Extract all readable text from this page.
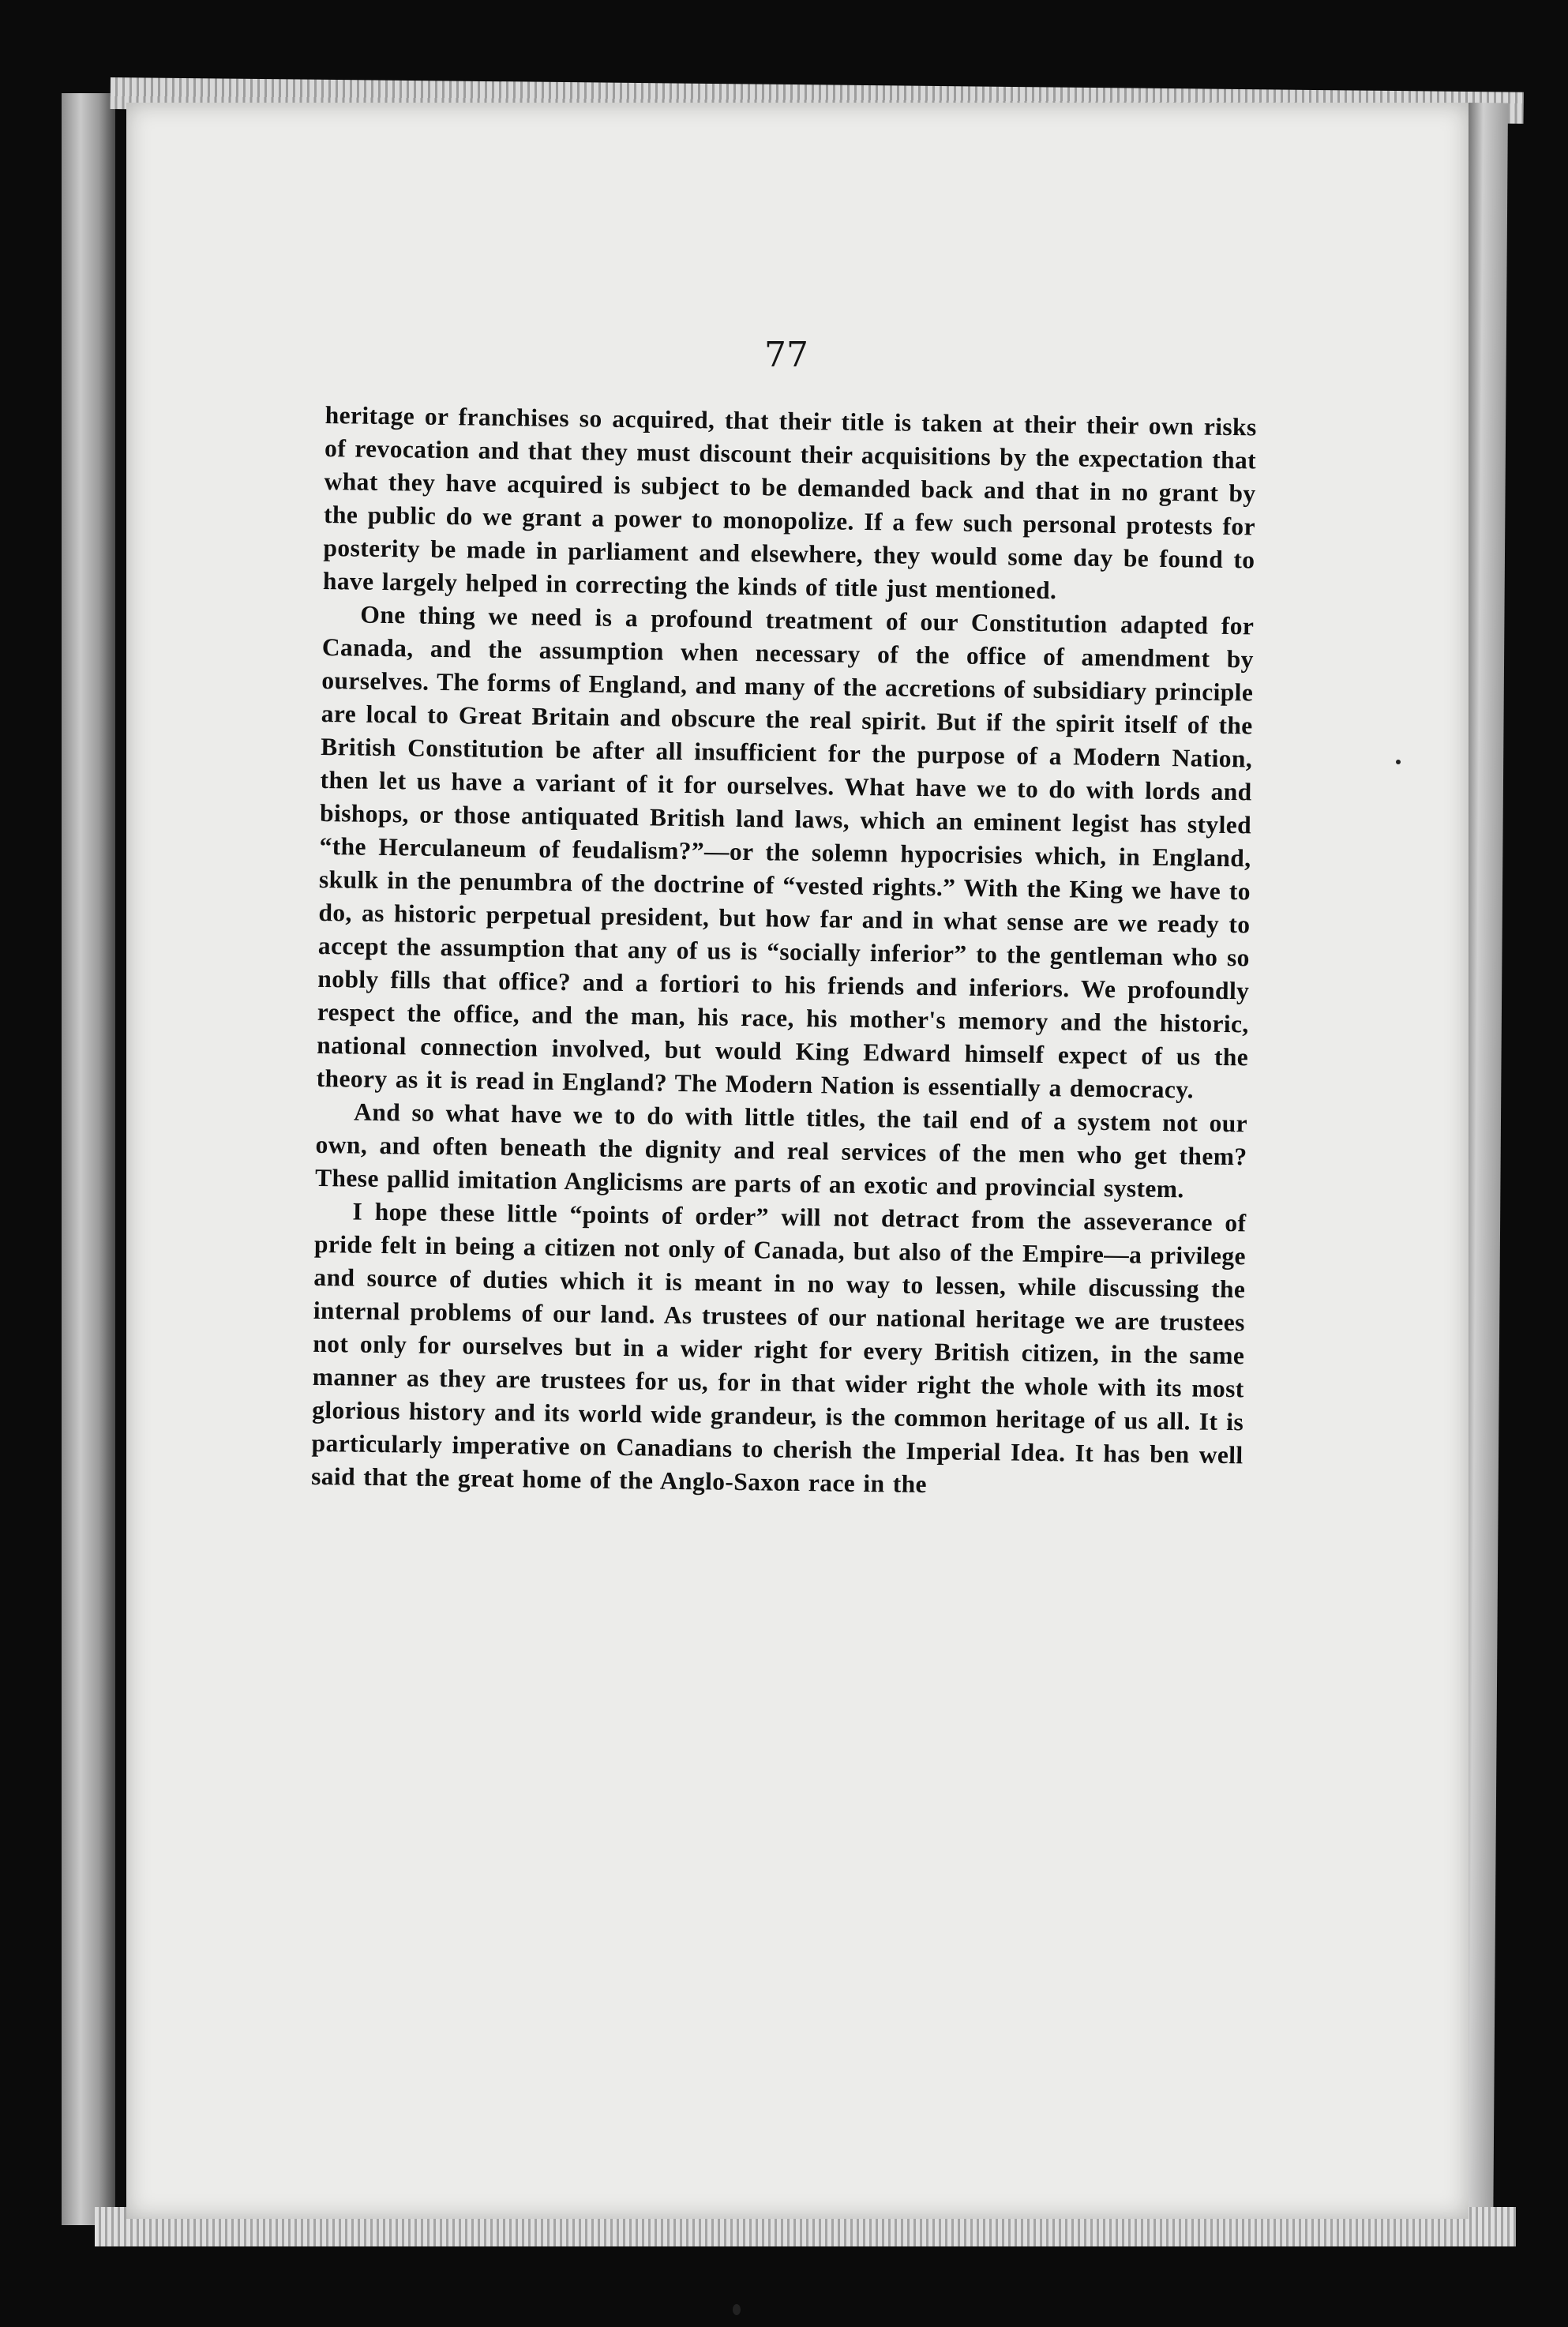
77

heritage or franchises so acquired, that their title is taken at their their own risks of revocation and that they must discount their acquisitions by the expectation that what they have acquired is subject to be demanded back and that in no grant by the public do we grant a power to monopolize. If a few such personal protests for posterity be made in parliament and elsewhere, they would some day be found to have largely helped in correcting the kinds of title just mentioned.

One thing we need is a profound treatment of our Constitution adapted for Canada, and the assumption when necessary of the office of amendment by ourselves. The forms of England, and many of the accretions of subsidiary principle are local to Great Britain and obscure the real spirit. But if the spirit itself of the British Constitution be after all insufficient for the purpose of a Modern Nation, then let us have a variant of it for ourselves. What have we to do with lords and bishops, or those antiquated British land laws, which an eminent legist has styled “the Herculaneum of feudalism?”—or the solemn hypocrisies which, in England, skulk in the penumbra of the doctrine of “vested rights.” With the King we have to do, as historic perpetual president, but how far and in what sense are we ready to accept the assumption that any of us is “socially inferior” to the gentleman who so nobly fills that office? and a fortiori to his friends and inferiors. We profoundly respect the office, and the man, his race, his mother's memory and the historic, national connection involved, but would King Edward himself expect of us the theory as it is read in England? The Modern Nation is essentially a democracy.

And so what have we to do with little titles, the tail end of a system not our own, and often beneath the dignity and real services of the men who get them? These pallid imitation Anglicisms are parts of an exotic and provincial system.

I hope these little “points of order” will not detract from the asseverance of pride felt in being a citizen not only of Canada, but also of the Empire—a privilege and source of duties which it is meant in no way to lessen, while discussing the internal problems of our land. As trustees of our national heritage we are trustees not only for ourselves but in a wider right for every British citizen, in the same manner as they are trustees for us, for in that wider right the whole with its most glorious history and its world wide grandeur, is the common heritage of us all. It is particularly imperative on Canadians to cherish the Imperial Idea. It has ben well said that the great home of the Anglo-Saxon race in the
